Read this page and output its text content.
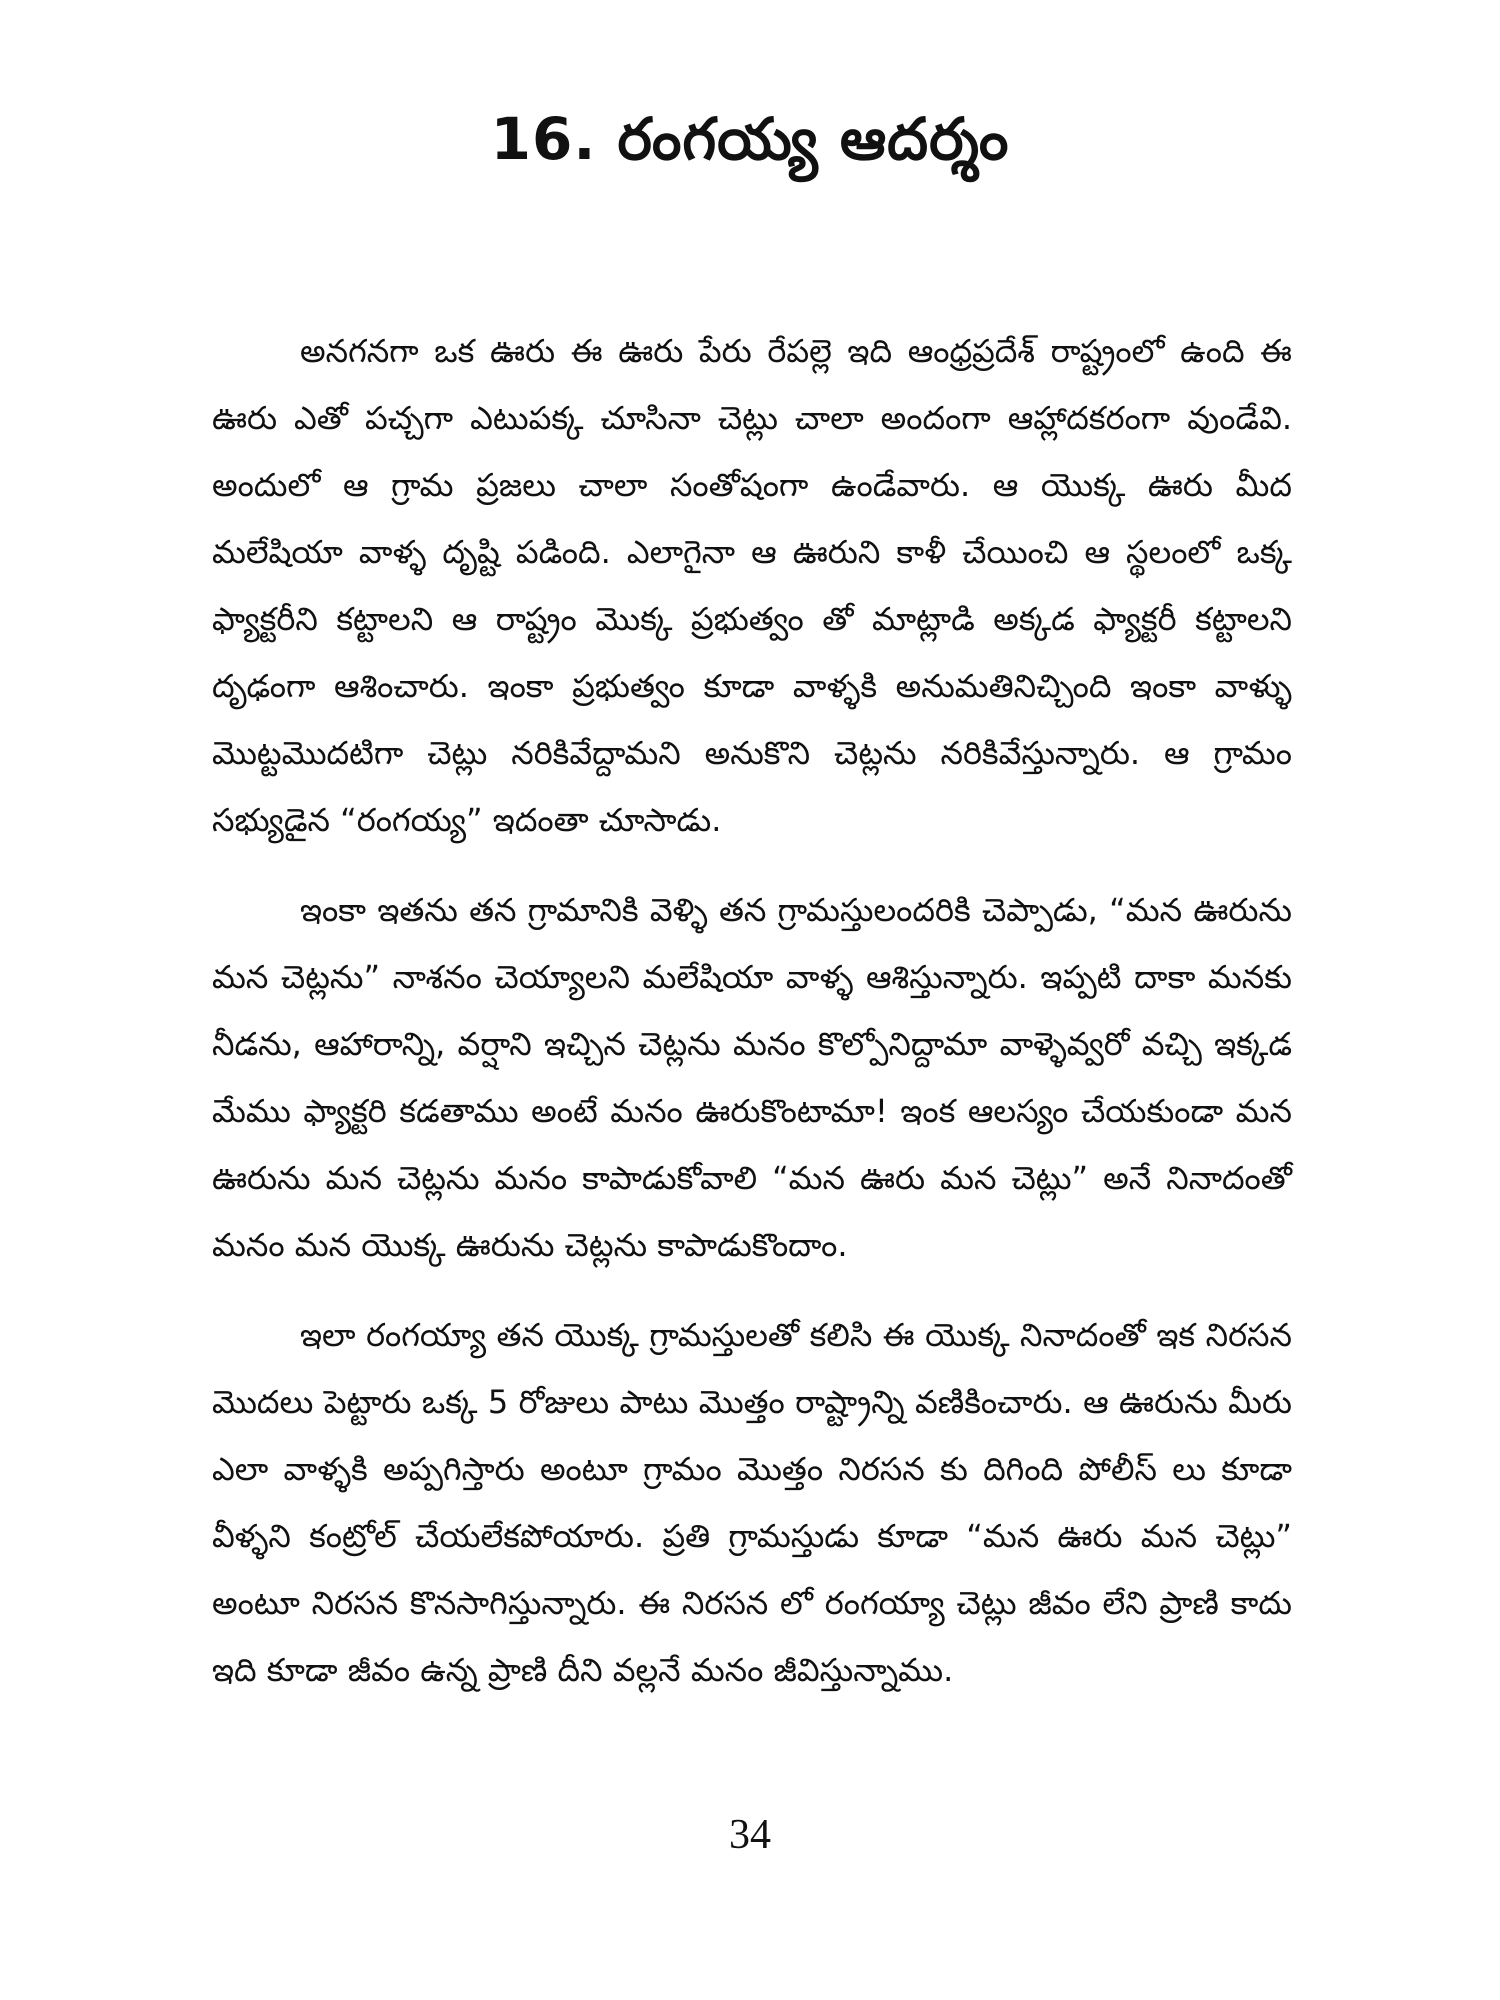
16. రంగయ్య ఆదర్శం

అనగనగా ఒక ఊరు ఈ ఊరు పేరు రేపల్లె ఇది ఆంధ్రప్రదేశ్ రాష్ట్రంలో ఉంది ఈ ఊరు ఎతో పచ్చగా ఎటుపక్క చూసినా చెట్లు చాలా అందంగా ఆహ్లాదకరంగా వుండేవి. అందులో ఆ గ్రామ ప్రజలు చాలా సంతోషంగా ఉండేవారు. ఆ యొక్క ఊరు మీద మలేషియా వాళ్ళ దృష్టి పడింది. ఎలాగైనా ఆ ఊరుని కాళీ చేయించి ఆ స్థలంలో ఒక్క ఫ్యాక్టరీని కట్టాలని ఆ రాష్ట్రం మొక్క ప్రభుత్వం తో మాట్లాడి అక్కడ ఫ్యాక్టరీ కట్టాలని దృఢంగా ఆశించారు. ఇంకా ప్రభుత్వం కూడా వాళ్ళకి అనుమతినిచ్చింది ఇంకా వాళ్ళు మొట్టమొదటిగా చెట్లు నరికివేద్దామని అనుకొని చెట్లను నరికివేస్తున్నారు. ఆ గ్రామం సభ్యుడైన “రంగయ్య” ఇదంతా చూసాడు.

ఇంకా ఇతను తన గ్రామానికి వెళ్ళి తన గ్రామస్తులందరికి చెప్పాడు, “మన ఊరును మన చెట్లను” నాశనం చెయ్యాలని మలేషియా వాళ్ళ ఆశిస్తున్నారు. ఇప్పటి దాకా మనకు నీడను, ఆహారాన్ని, వర్షాని ఇచ్చిన చెట్లను మనం కొల్పోనిద్దామా వాళ్ళెవ్వరో వచ్చి ఇక్కడ మేము ఫ్యాక్టరి కడతాము అంటే మనం ఊరుకొంటామా! ఇంక ఆలస్యం చేయకుండా మన ఊరును మన చెట్లను మనం కాపాడుకోవాలి “మన ఊరు మన చెట్లు” అనే నినాదంతో మనం మన యొక్క ఊరును చెట్లను కాపాడుకొందాం.

ఇలా రంగయ్యా తన యొక్క గ్రామస్తులతో కలిసి ఈ యొక్క నినాదంతో ఇక నిరసన మొదలు పెట్టారు ఒక్క 5 రోజులు పాటు మొత్తం రాష్ట్రాన్ని వణికించారు. ఆ ఊరును మీరు ఎలా వాళ్ళకి అప్పగిస్తారు అంటూ గ్రామం మొత్తం నిరసన కు దిగింది పోలీస్ లు కూడా వీళ్ళని కంట్రోల్ చేయలేకపోయారు. ప్రతి గ్రామస్తుడు కూడా “మన ఊరు మన చెట్లు” అంటూ నిరసన కొనసాగిస్తున్నారు. ఈ నిరసన లో రంగయ్యా చెట్లు జీవం లేని ప్రాణి కాదు ఇది కూడా జీవం ఉన్న ప్రాణి దీని వల్లనే మనం జీవిస్తున్నాము.

34
